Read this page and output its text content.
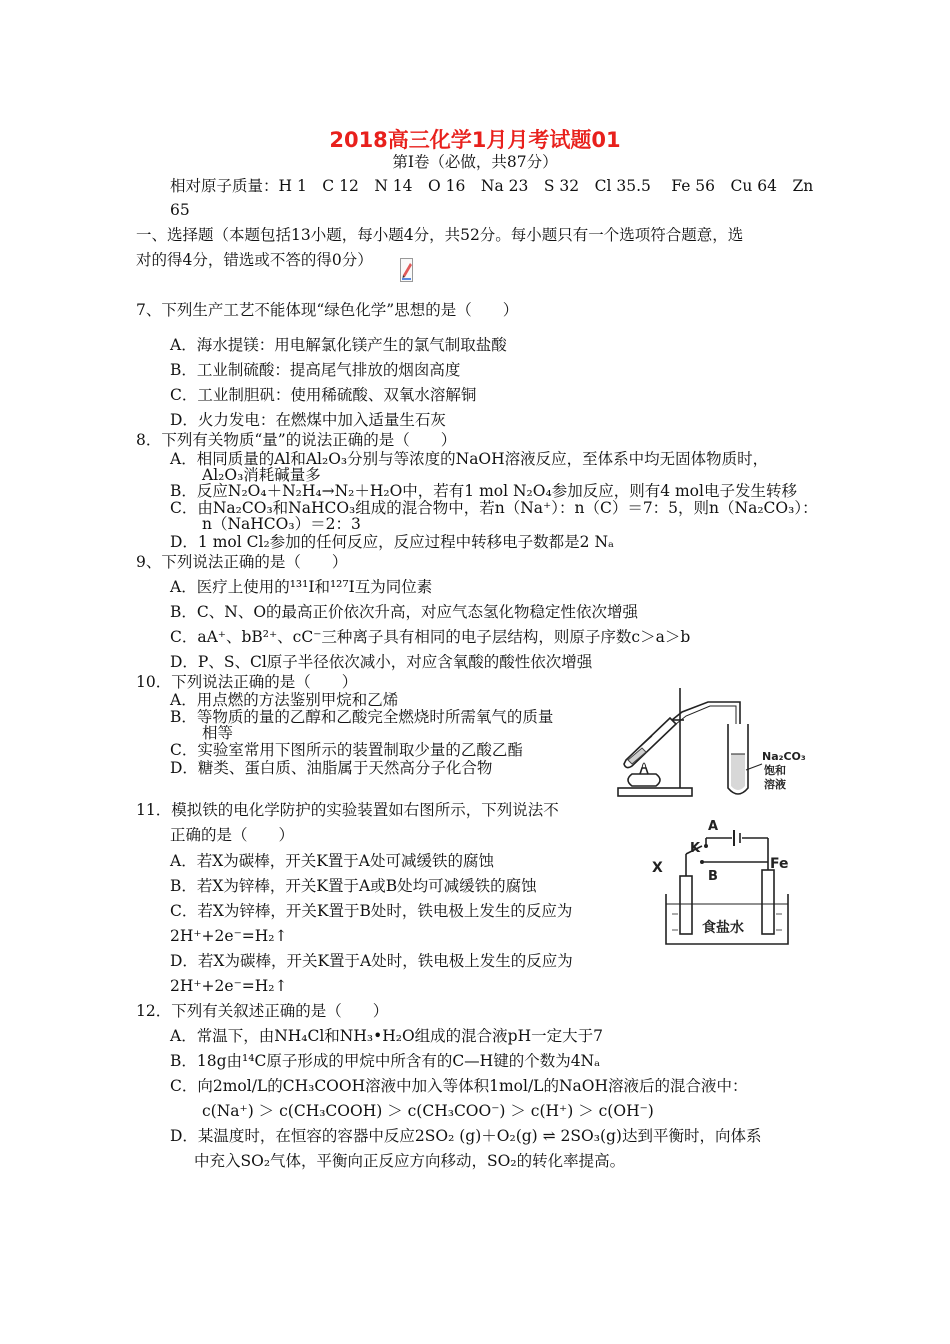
2018高三化学1月月考试题01
第Ⅰ卷（必做，共87分）
相对原子质量：H 1　C 12　N 14　O 16　Na 23　S 32　Cl 35.5　 Fe 56　Cu 64　Zn
65
一、选择题（本题包括13小题，每小题4分，共52分。每小题只有一个选项符合题意，选
对的得4分，错选或不答的得0分）
7、下列生产工艺不能体现“绿色化学”思想的是（　　）
A．海水提镁：用电解氯化镁产生的氯气制取盐酸
B．工业制硫酸：提高尾气排放的烟囱高度
C．工业制胆矾：使用稀硫酸、双氧水溶解铜
D．火力发电：在燃煤中加入适量生石灰
8．下列有关物质“量”的说法正确的是（　　）
A．相同质量的Al和Al₂O₃分别与等浓度的NaOH溶液反应，至体系中均无固体物质时，
Al₂O₃消耗碱量多
B．反应N₂O₄＋N₂H₄→N₂＋H₂O中，若有1 mol N₂O₄参加反应，则有4 mol电子发生转移
C．由Na₂CO₃和NaHCO₃组成的混合物中，若n（Na⁺）：n（C）＝7：5，则n（Na₂CO₃）：
n（NaHCO₃）＝2：3
D．1 mol Cl₂参加的任何反应，反应过程中转移电子数都是2 Nₐ
9、下列说法正确的是（　　）
A．医疗上使用的¹³¹I和¹²⁷I互为同位素
B．C、N、O的最高正价依次升高，对应气态氢化物稳定性依次增强
C．aA⁺、bB²⁺、cC⁻三种离子具有相同的电子层结构，则原子序数c＞a＞b
D．P、S、Cl原子半径依次减小，对应含氧酸的酸性依次增强
10．下列说法正确的是（　　）
A．用点燃的方法鉴别甲烷和乙烯
B．等物质的量的乙醇和乙酸完全燃烧时所需氧气的质量
相等
C．实验室常用下图所示的装置制取少量的乙酸乙酯
D．糖类、蛋白质、油脂属于天然高分子化合物
Na₂CO₃
饱和
溶液
11．模拟铁的电化学防护的实验装置如右图所示，下列说法不
正确的是（　　）
A．若X为碳棒，开关K置于A处可减缓铁的腐蚀
B．若X为锌棒，开关K置于A或B处均可减缓铁的腐蚀
C．若X为锌棒，开关K置于B处时，铁电极上发生的反应为
2H⁺+2e⁻=H₂↑
D．若X为碳棒，开关K置于A处时，铁电极上发生的反应为
2H⁺+2e⁻=H₂↑
A
K
B
X	Fe
食盐水
12．下列有关叙述正确的是（　　）
A．常温下，由NH₄Cl和NH₃•H₂O组成的混合液pH一定大于7
B．18g由¹⁴C原子形成的甲烷中所含有的C—H键的个数为4Nₐ
C．向2mol/L的CH₃COOH溶液中加入等体积1mol/L的NaOH溶液后的混合液中：
c(Na⁺) ＞ c(CH₃COOH) ＞ c(CH₃COO⁻) ＞ c(H⁺) ＞ c(OH⁻)
D．某温度时，在恒容的容器中反应2SO₂ (g)＋O₂(g) ⇌ 2SO₃(g)达到平衡时，向体系
中充入SO₂气体，平衡向正反应方向移动，SO₂的转化率提高。
